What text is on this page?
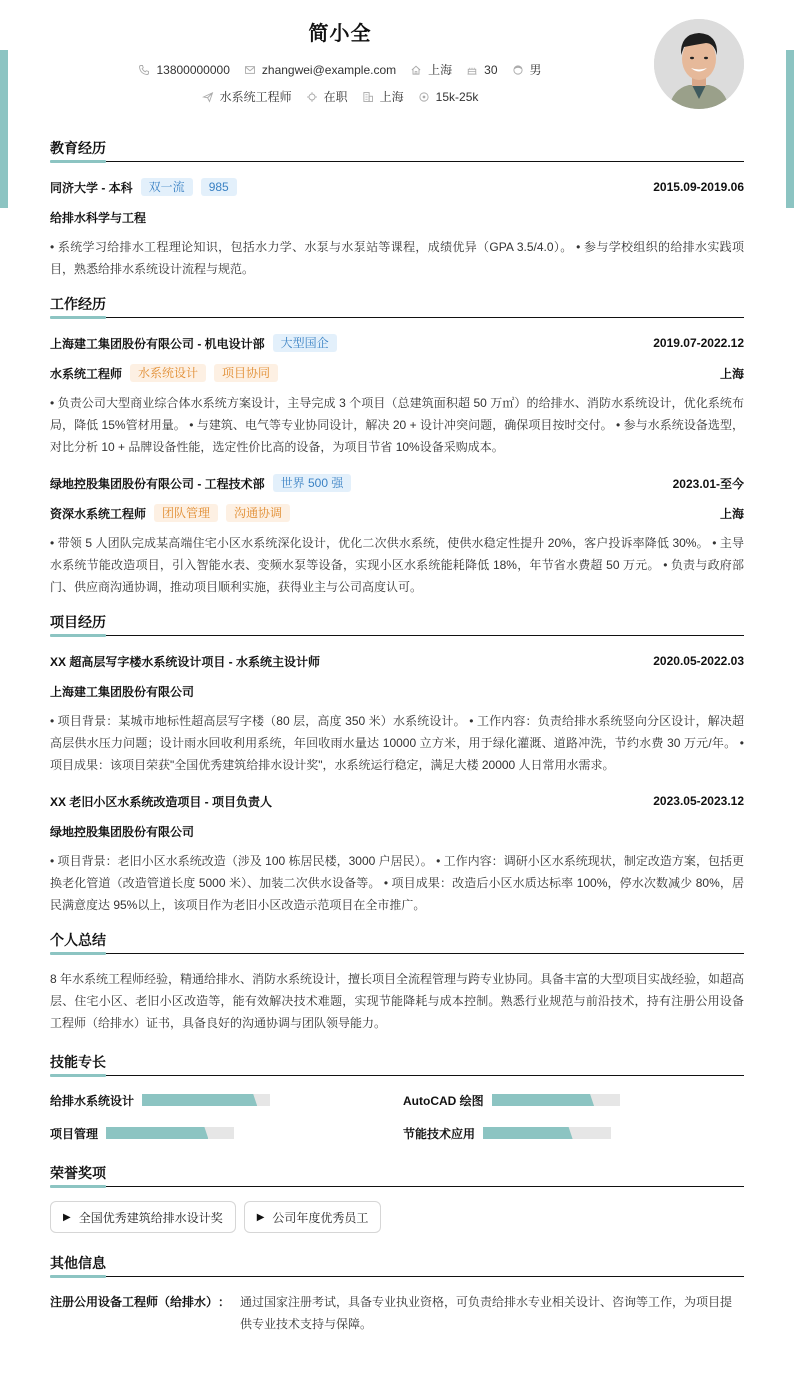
简小全
13800000000	zhangwei@example.com	上海	30	男
水系统工程师	在职	上海	15k-25k
教育经历
同济大学 - 本科	双一流	985	2015.09-2019.06
给排水科学与工程
• 系统学习给排水工程理论知识，包括水力学、水泵与水泵站等课程，成绩优异（GPA 3.5/4.0）。 • 参与学校组织的给排水实践项目，熟悉给排水系统设计流程与规范。
工作经历
上海建工集团股份有限公司 - 机电设计部	大型国企	2019.07-2022.12
水系统工程师	水系统设计	项目协同	上海
• 负责公司大型商业综合体水系统方案设计，主导完成 3 个项目（总建筑面积超 50 万㎡）的给排水、消防水系统设计，优化系统布局，降低 15%管材用量。 • 与建筑、电气等专业协同设计，解决 20 + 设计冲突问题，确保项目按时交付。 • 参与水系统设备选型，对比分析 10 + 品牌设备性能，选定性价比高的设备，为项目节省 10%设备采购成本。
绿地控股集团股份有限公司 - 工程技术部	世界 500 强	2023.01-至今
资深水系统工程师	团队管理	沟通协调	上海
• 带领 5 人团队完成某高端住宅小区水系统深化设计，优化二次供水系统，使供水稳定性提升 20%，客户投诉率降低 30%。 • 主导水系统节能改造项目，引入智能水表、变频水泵等设备，实现小区水系统能耗降低 18%，年节省水费超 50 万元。 • 负责与政府部门、供应商沟通协调，推动项目顺利实施，获得业主与公司高度认可。
项目经历
XX 超高层写字楼水系统设计项目 - 水系统主设计师	2020.05-2022.03
上海建工集团股份有限公司
• 项目背景：某城市地标性超高层写字楼（80 层，高度 350 米）水系统设计。 • 工作内容：负责给排水系统竖向分区设计，解决超高层供水压力问题；设计雨水回收利用系统，年回收雨水量达 10000 立方米，用于绿化灌溉、道路冲洗，节约水费 30 万元/年。 • 项目成果：该项目荣获"全国优秀建筑给排水设计奖"，水系统运行稳定，满足大楼 20000 人日常用水需求。
XX 老旧小区水系统改造项目 - 项目负责人	2023.05-2023.12
绿地控股集团股份有限公司
• 项目背景：老旧小区水系统改造（涉及 100 栋居民楼，3000 户居民）。 • 工作内容：调研小区水系统现状，制定改造方案，包括更换老化管道（改造管道长度 5000 米）、加装二次供水设备等。 • 项目成果：改造后小区水质达标率 100%，停水次数减少 80%，居民满意度达 95%以上，该项目作为老旧小区改造示范项目在全市推广。
个人总结
8 年水系统工程师经验，精通给排水、消防水系统设计，擅长项目全流程管理与跨专业协同。具备丰富的大型项目实战经验，如超高层、住宅小区、老旧小区改造等，能有效解决技术难题，实现节能降耗与成本控制。熟悉行业规范与前沿技术，持有注册公用设备工程师（给排水）证书，具备良好的沟通协调与团队领导能力。
技能专长
给排水系统设计	AutoCAD 绘图
项目管理	节能技术应用
荣誉奖项
▶ 全国优秀建筑给排水设计奖	▶ 公司年度优秀员工
其他信息
注册公用设备工程师（给排水） ： 通过国家注册考试，具备专业执业资格，可负责给排水专业相关设计、咨询等工作，为项目提供专业技术支持与保障。
